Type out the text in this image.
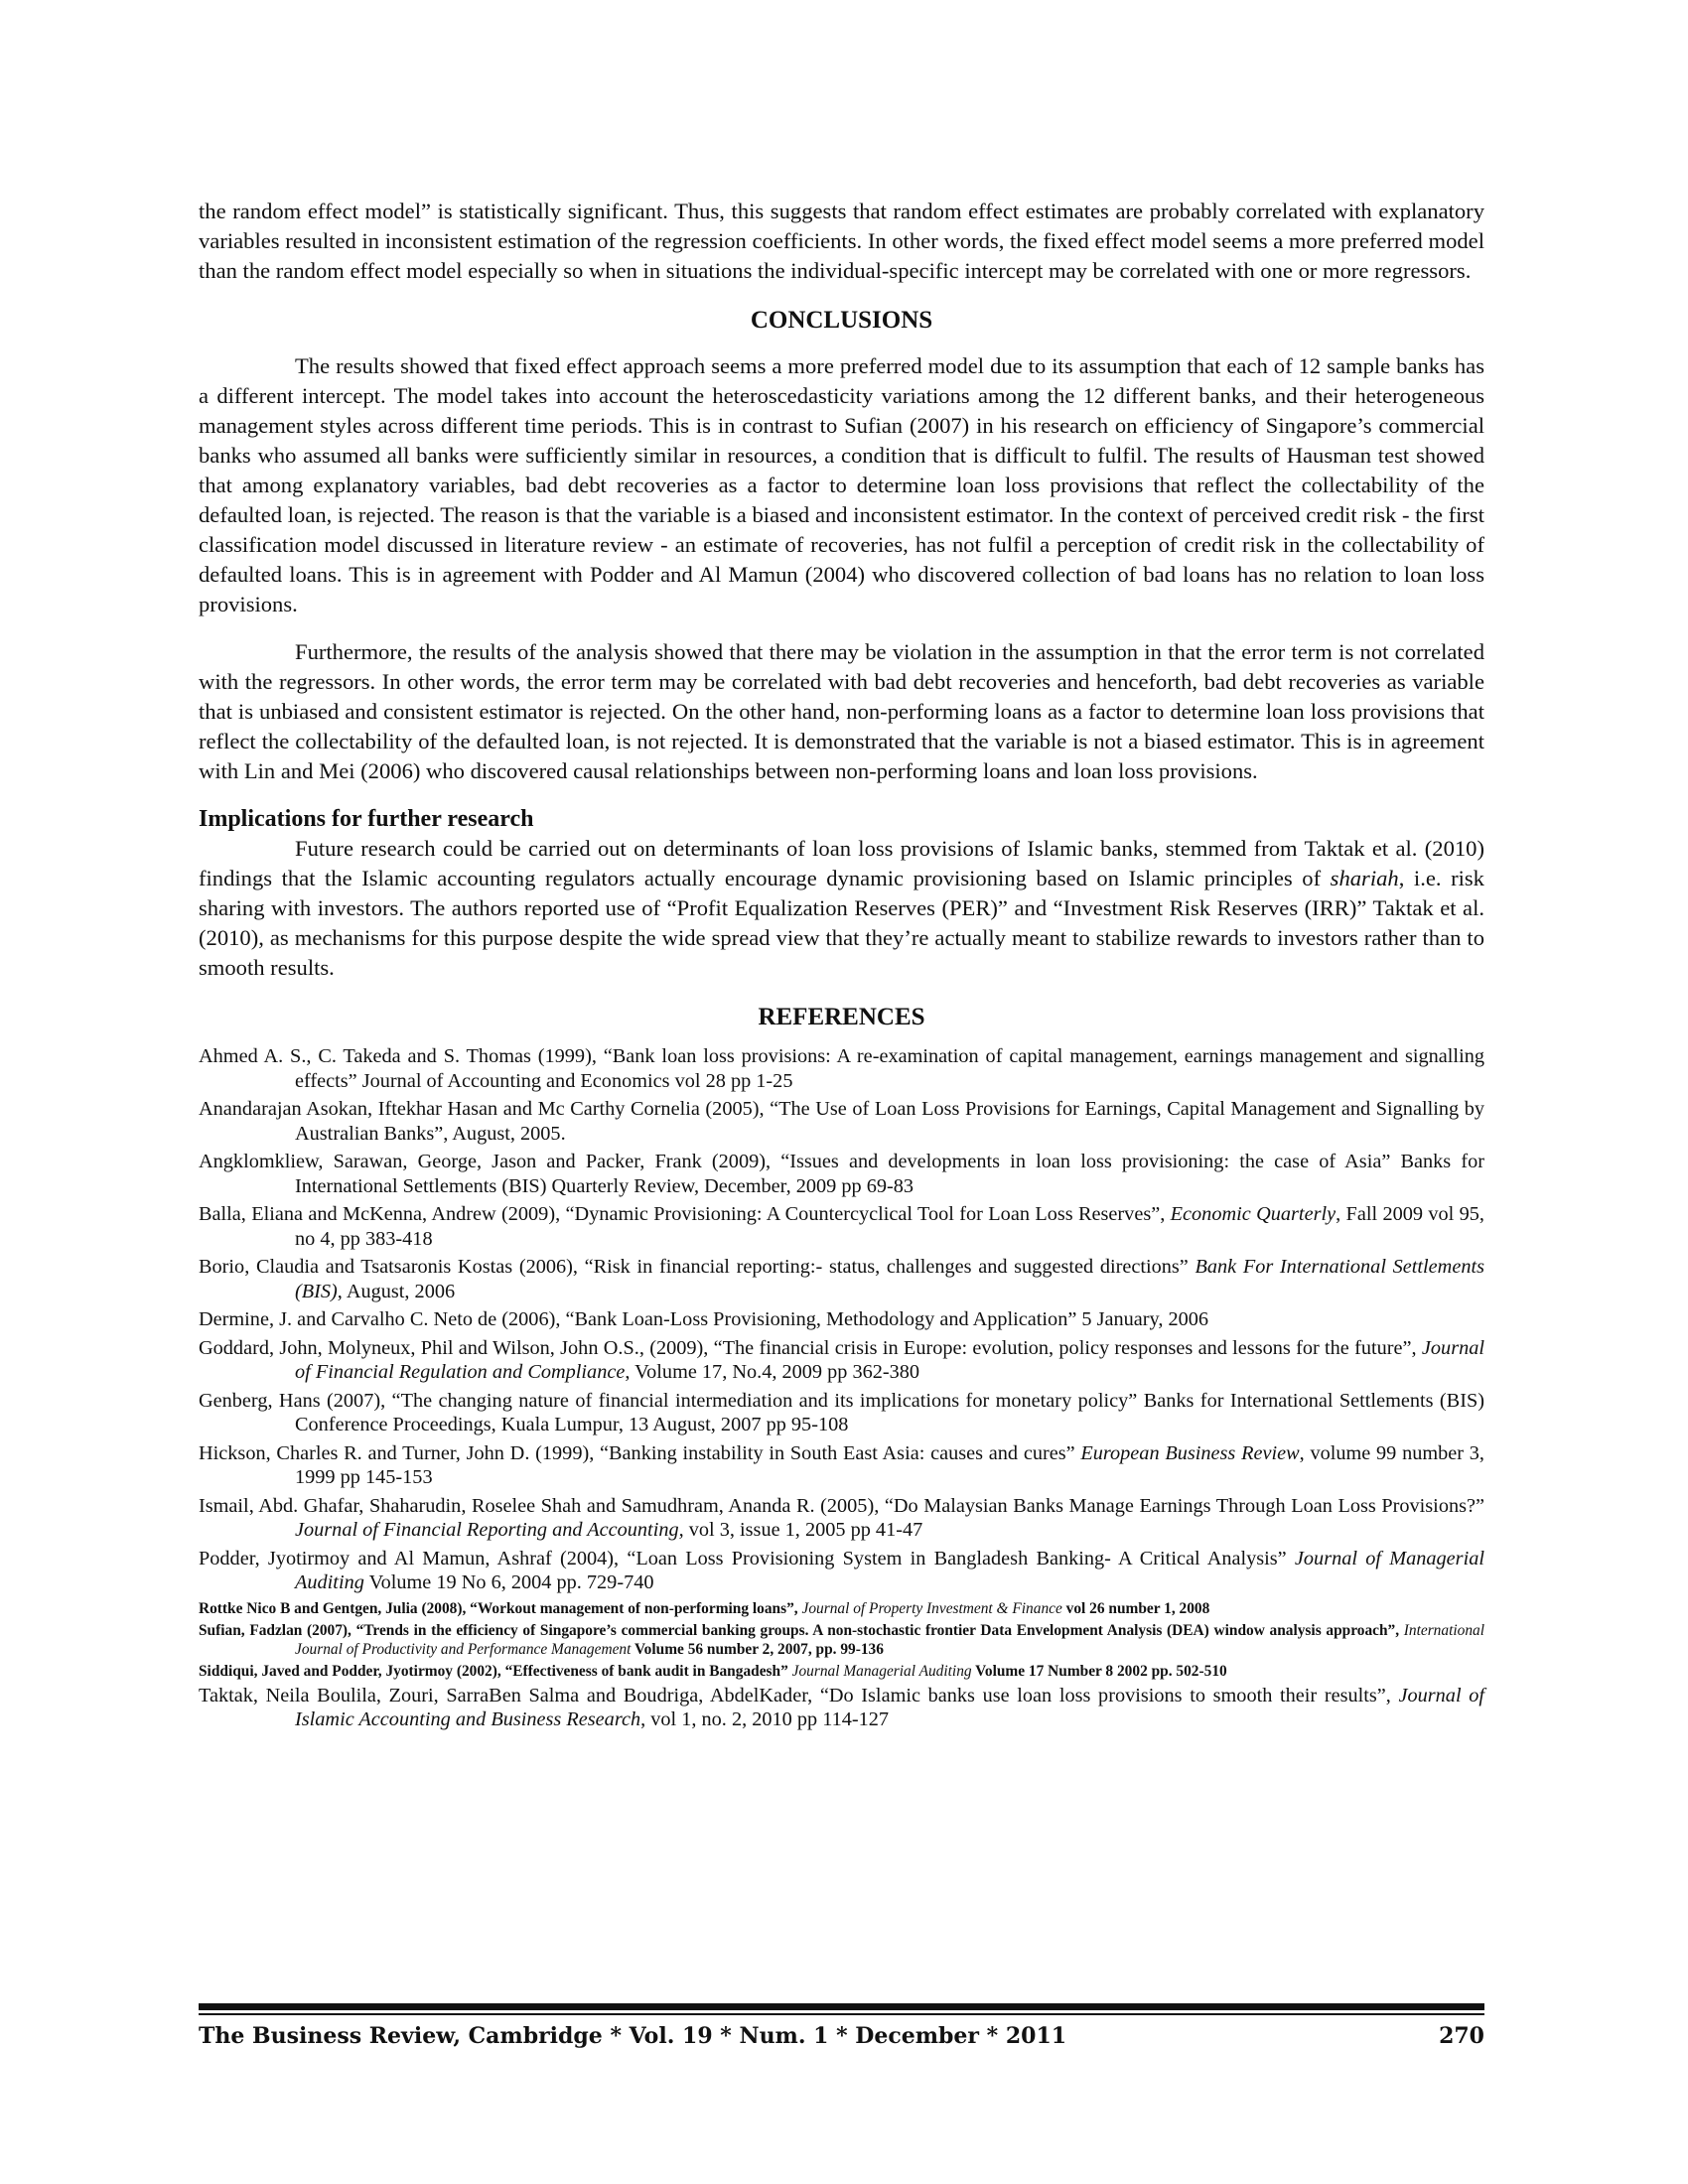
the random effect model” is statistically significant. Thus, this suggests that random effect estimates are probably correlated with explanatory variables resulted in inconsistent estimation of the regression coefficients. In other words, the fixed effect model seems a more preferred model than the random effect model especially so when in situations the individual-specific intercept may be correlated with one or more regressors.

CONCLUSIONS

The results showed that fixed effect approach seems a more preferred model due to its assumption that each of 12 sample banks has a different intercept. The model takes into account the heteroscedasticity variations among the 12 different banks, and their heterogeneous management styles across different time periods. This is in contrast to Sufian (2007) in his research on efficiency of Singapore’s commercial banks who assumed all banks were sufficiently similar in resources, a condition that is difficult to fulfil. The results of Hausman test showed that among explanatory variables, bad debt recoveries as a factor to determine loan loss provisions that reflect the collectability of the defaulted loan, is rejected. The reason is that the variable is a biased and inconsistent estimator. In the context of perceived credit risk - the first classification model discussed in literature review - an estimate of recoveries, has not fulfil a perception of credit risk in the collectability of defaulted loans. This is in agreement with Podder and Al Mamun (2004) who discovered collection of bad loans has no relation to loan loss provisions.

Furthermore, the results of the analysis showed that there may be violation in the assumption in that the error term is not correlated with the regressors. In other words, the error term may be correlated with bad debt recoveries and henceforth, bad debt recoveries as variable that is unbiased and consistent estimator is rejected. On the other hand, non-performing loans as a factor to determine loan loss provisions that reflect the collectability of the defaulted loan, is not rejected. It is demonstrated that the variable is not a biased estimator. This is in agreement with Lin and Mei (2006) who discovered causal relationships between non-performing loans and loan loss provisions.

Implications for further research

Future research could be carried out on determinants of loan loss provisions of Islamic banks, stemmed from Taktak et al. (2010) findings that the Islamic accounting regulators actually encourage dynamic provisioning based on Islamic principles of shariah, i.e. risk sharing with investors. The authors reported use of “Profit Equalization Reserves (PER)” and “Investment Risk Reserves (IRR)” Taktak et al. (2010), as mechanisms for this purpose despite the wide spread view that they’re actually meant to stabilize rewards to investors rather than to smooth results.

REFERENCES

Ahmed A. S., C. Takeda and S. Thomas (1999), “Bank loan loss provisions: A re-examination of capital management, earnings management and signalling effects” Journal of Accounting and Economics vol 28 pp 1-25

Anandarajan Asokan, Iftekhar Hasan and Mc Carthy Cornelia (2005), “The Use of Loan Loss Provisions for Earnings, Capital Management and Signalling by Australian Banks”, August, 2005.

Angklomkliew, Sarawan, George, Jason and Packer, Frank (2009), “Issues and developments in loan loss provisioning: the case of Asia” Banks for International Settlements (BIS) Quarterly Review, December, 2009 pp 69-83

Balla, Eliana and McKenna, Andrew (2009), “Dynamic Provisioning: A Countercyclical Tool for Loan Loss Reserves”, Economic Quarterly, Fall 2009 vol 95, no 4, pp 383-418

Borio, Claudia and Tsatsaronis Kostas (2006), “Risk in financial reporting:- status, challenges and suggested directions” Bank For International Settlements (BIS), August, 2006

Dermine, J. and Carvalho C. Neto de (2006), “Bank Loan-Loss Provisioning, Methodology and Application” 5 January, 2006

Goddard, John, Molyneux, Phil and Wilson, John O.S., (2009), “The financial crisis in Europe: evolution, policy responses and lessons for the future”, Journal of Financial Regulation and Compliance, Volume 17, No.4, 2009 pp 362-380

Genberg, Hans (2007), “The changing nature of financial intermediation and its implications for monetary policy” Banks for International Settlements (BIS) Conference Proceedings, Kuala Lumpur, 13 August, 2007 pp 95-108

Hickson, Charles R. and Turner, John D. (1999), “Banking instability in South East Asia: causes and cures” European Business Review, volume 99 number 3, 1999 pp 145-153

Ismail, Abd. Ghafar, Shaharudin, Roselee Shah and Samudhram, Ananda R. (2005), “Do Malaysian Banks Manage Earnings Through Loan Loss Provisions?” Journal of Financial Reporting and Accounting, vol 3, issue 1, 2005 pp 41-47

Podder, Jyotirmoy and Al Mamun, Ashraf (2004), “Loan Loss Provisioning System in Bangladesh Banking- A Critical Analysis” Journal of Managerial Auditing Volume 19 No 6, 2004 pp. 729-740

Rottke Nico B and Gentgen, Julia (2008), “Workout management of non-performing loans”, Journal of Property Investment & Finance vol 26 number 1, 2008

Sufian, Fadzlan (2007), “Trends in the efficiency of Singapore’s commercial banking groups. A non-stochastic frontier Data Envelopment Analysis (DEA) window analysis approach”, International Journal of Productivity and Performance Management Volume 56 number 2, 2007, pp. 99-136

Siddiqui, Javed and Podder, Jyotirmoy (2002), “Effectiveness of bank audit in Bangadesh” Journal Managerial Auditing Volume 17 Number 8 2002 pp. 502-510

Taktak, Neila Boulila, Zouri, SarraBen Salma and Boudriga, AbdelKader, “Do Islamic banks use loan loss provisions to smooth their results”, Journal of Islamic Accounting and Business Research, vol 1, no. 2, 2010 pp 114-127

The Business Review, Cambridge * Vol. 19 * Num. 1 * December * 2011	270
